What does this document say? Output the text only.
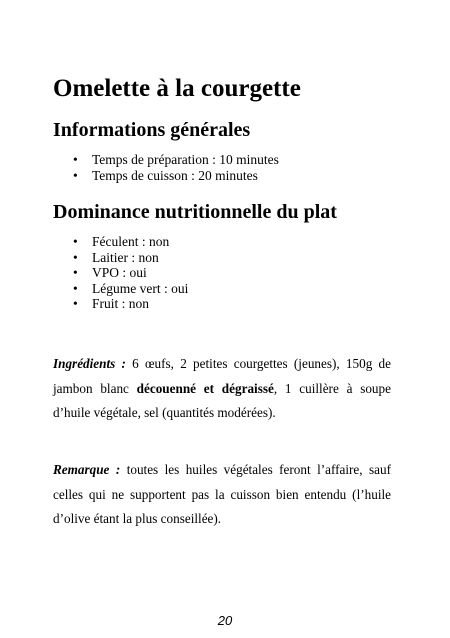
Omelette à la courgette
Informations générales
•	Temps de préparation : 10 minutes
•	Temps de cuisson : 20 minutes
Dominance nutritionnelle du plat
•	Féculent : non
•	Laitier : non
•	VPO : oui
•	Légume vert : oui
•	Fruit : non

Ingrédients : 6 œufs, 2 petites courgettes (jeunes), 150g de jambon blanc découenné et dégraissé, 1 cuillère à soupe d’huile végétale, sel (quantités modérées).

Remarque : toutes les huiles végétales feront l’affaire, sauf celles qui ne supportent pas la cuisson bien entendu (l’huile d’olive étant la plus conseillée).

20
